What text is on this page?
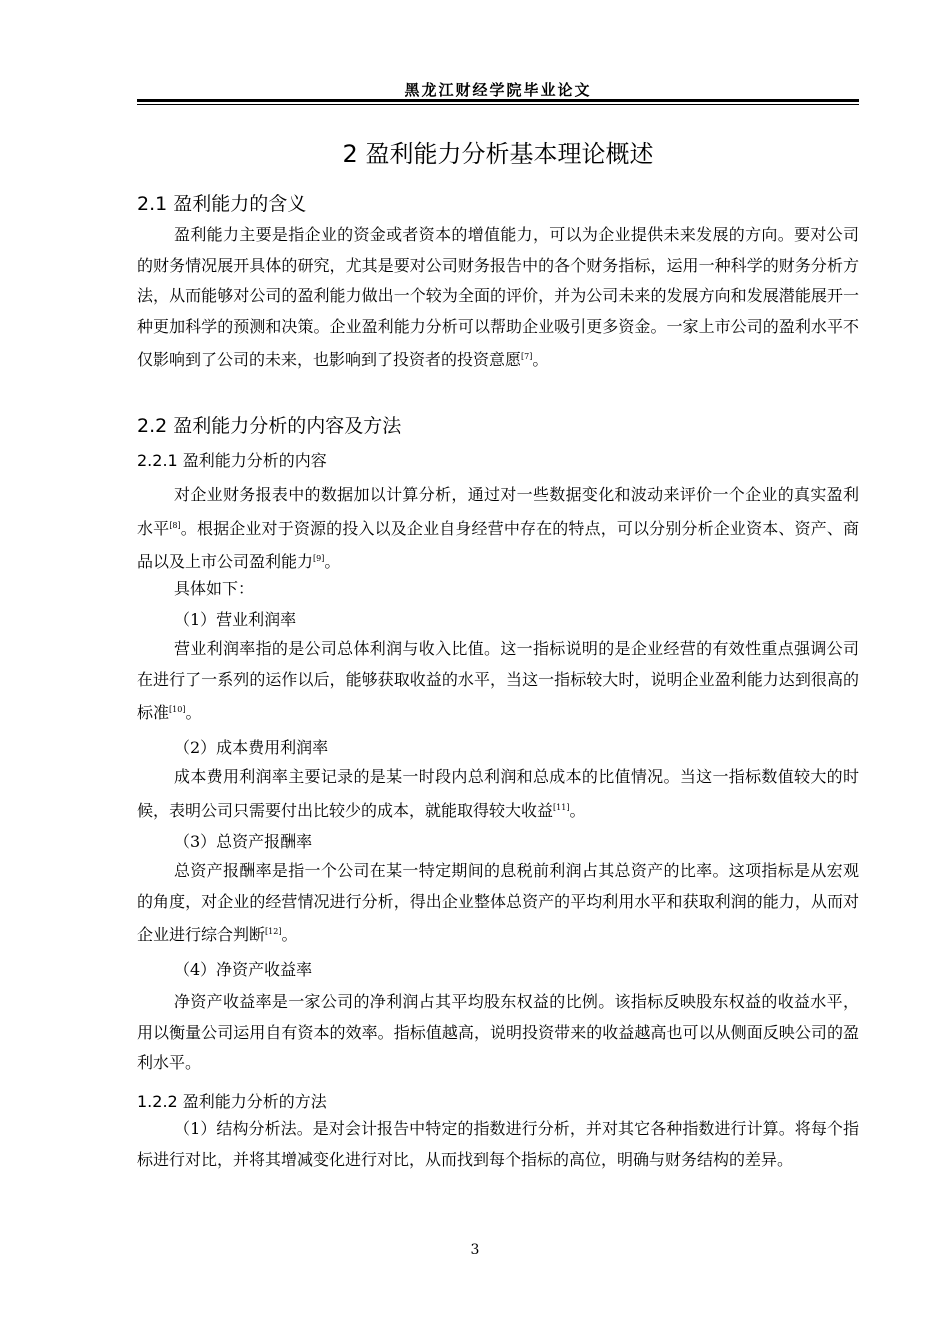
黑龙江财经学院毕业论文
2 盈利能力分析基本理论概述
2.1 盈利能力的含义

盈利能力主要是指企业的资金或者资本的增值能力，可以为企业提供未来发展的方向。要对公司的财务情况展开具体的研究，尤其是要对公司财务报告中的各个财务指标，运用一种科学的财务分析方法，从而能够对公司的盈利能力做出一个较为全面的评价，并为公司未来的发展方向和发展潜能展开一种更加科学的预测和决策。企业盈利能力分析可以帮助企业吸引更多资金。一家上市公司的盈利水平不仅影响到了公司的未来，也影响到了投资者的投资意愿[7]。

2.2 盈利能力分析的内容及方法
2.2.1 盈利能力分析的内容

对企业财务报表中的数据加以计算分析，通过对一些数据变化和波动来评价一个企业的真实盈利水平[8]。根据企业对于资源的投入以及企业自身经营中存在的特点，可以分别分析企业资本、资产、商品以及上市公司盈利能力[9]。

具体如下：
（1）营业利润率

营业利润率指的是公司总体利润与收入比值。这一指标说明的是企业经营的有效性重点强调公司在进行了一系列的运作以后，能够获取收益的水平，当这一指标较大时，说明企业盈利能力达到很高的标准[10]。

（2）成本费用利润率

成本费用利润率主要记录的是某一时段内总利润和总成本的比值情况。当这一指标数值较大的时候，表明公司只需要付出比较少的成本，就能取得较大收益[11]。

（3）总资产报酬率

总资产报酬率是指一个公司在某一特定期间的息税前利润占其总资产的比率。这项指标是从宏观的角度，对企业的经营情况进行分析，得出企业整体总资产的平均利用水平和获取利润的能力，从而对企业进行综合判断[12]。

（4）净资产收益率

净资产收益率是一家公司的净利润占其平均股东权益的比例。该指标反映股东权益的收益水平，用以衡量公司运用自有资本的效率。指标值越高，说明投资带来的收益越高也可以从侧面反映公司的盈利水平。

1.2.2 盈利能力分析的方法

（1）结构分析法。是对会计报告中特定的指数进行分析，并对其它各种指数进行计算。将每个指标进行对比，并将其增减变化进行对比，从而找到每个指标的高位，明确与财务结构的差异。

3
